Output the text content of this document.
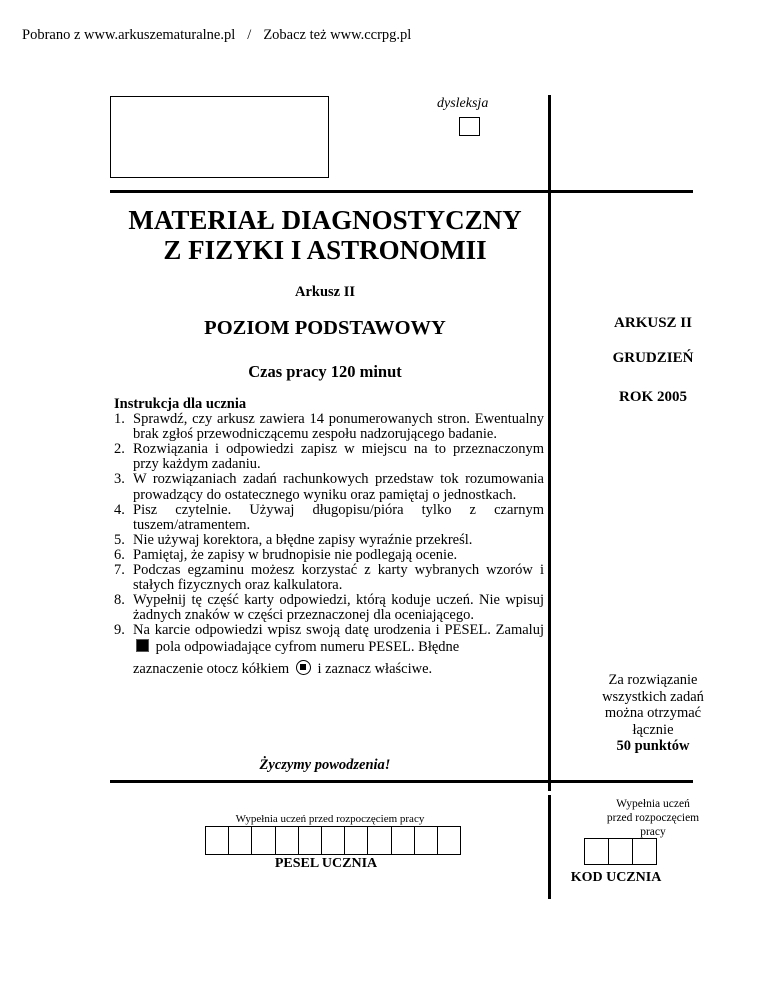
Pobrano z www.arkuszematuralne.pl / Zobacz też www.ccrpg.pl
dysleksja
MATERIAŁ DIAGNOSTYCZNY
Z FIZYKI I ASTRONOMII
Arkusz II
POZIOM PODSTAWOWY
Czas pracy 120 minut
Instrukcja dla ucznia
1. Sprawdź, czy arkusz zawiera 14 ponumerowanych stron. Ewentualny brak zgłoś przewodniczącemu zespołu nadzorującego badanie.
2. Rozwiązania i odpowiedzi zapisz w miejscu na to przeznaczonym przy każdym zadaniu.
3. W rozwiązaniach zadań rachunkowych przedstaw tok rozumowania prowadzący do ostatecznego wyniku oraz pamiętaj o jednostkach.
4. Pisz czytelnie. Używaj długopisu/pióra tylko z czarnym tuszem/atramentem.
5. Nie używaj korektora, a błędne zapisy wyraźnie przekreśl.
6. Pamiętaj, że zapisy w brudnopisie nie podlegają ocenie.
7. Podczas egzaminu możesz korzystać z karty wybranych wzorów i stałych fizycznych oraz kalkulatora.
8. Wypełnij tę część karty odpowiedzi, którą koduje uczeń. Nie wpisuj żadnych znaków w części przeznaczonej dla oceniającego.
9. Na karcie odpowiedzi wpisz swoją datę urodzenia i PESEL. Zamaluj  pola odpowiadające cyfrom numeru PESEL. Błędne
zaznaczenie otocz kółkiem i zaznacz właściwe.
Życzymy powodzenia!
ARKUSZ II
GRUDZIEŃ
ROK 2005
Za rozwiązanie
wszystkich zadań
można otrzymać
łącznie
50 punktów
Wypełnia uczeń przed rozpoczęciem pracy
PESEL UCZNIA
Wypełnia uczeń
przed rozpoczęciem
pracy
KOD UCZNIA
